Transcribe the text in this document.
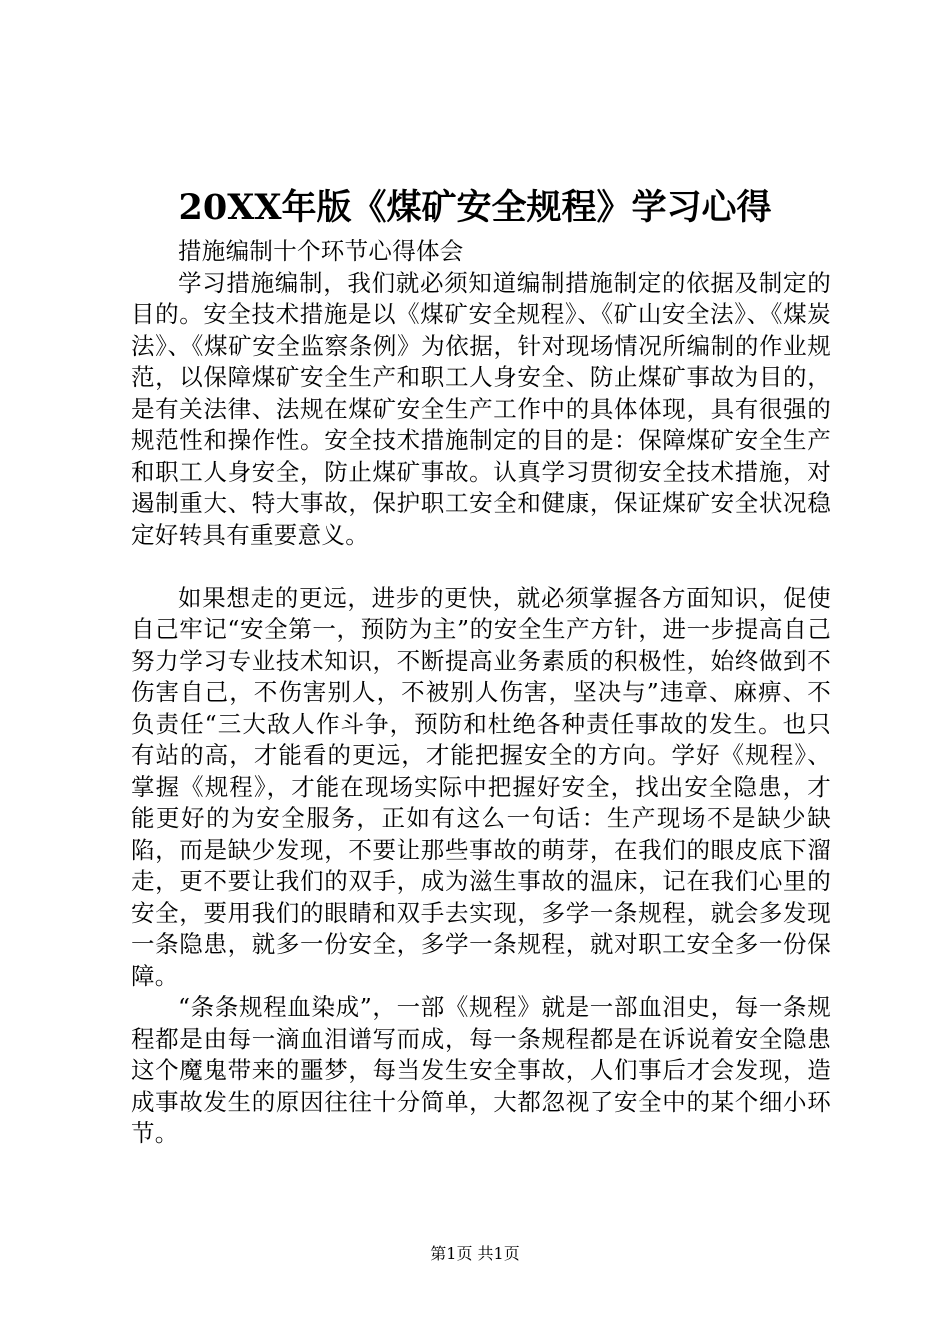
20XX年版《煤矿安全规程》学习心得

措施编制十个环节心得体会

学习措施编制，我们就必须知道编制措施制定的依据及制定的目的。安全技术措施是以《煤矿安全规程》、《矿山安全法》、《煤炭法》、《煤矿安全监察条例》为依据，针对现场情况所编制的作业规范，以保障煤矿安全生产和职工人身安全、防止煤矿事故为目的，是有关法律、法规在煤矿安全生产工作中的具体体现，具有很强的规范性和操作性。安全技术措施制定的目的是：保障煤矿安全生产和职工人身安全，防止煤矿事故。认真学习贯彻安全技术措施，对遏制重大、特大事故，保护职工安全和健康，保证煤矿安全状况稳定好转具有重要意义。

如果想走的更远，进步的更快，就必须掌握各方面知识，促使自己牢记“安全第一，预防为主”的安全生产方针，进一步提高自己努力学习专业技术知识，不断提高业务素质的积极性，始终做到不伤害自己，不伤害别人，不被别人伤害，坚决与”违章、麻痹、不负责任“三大敌人作斗争，预防和杜绝各种责任事故的发生。也只有站的高，才能看的更远，才能把握安全的方向。学好《规程》、掌握《规程》，才能在现场实际中把握好安全，找出安全隐患，才能更好的为安全服务，正如有这么一句话：生产现场不是缺少缺陷，而是缺少发现，不要让那些事故的萌芽，在我们的眼皮底下溜走，更不要让我们的双手，成为滋生事故的温床，记在我们心里的安全，要用我们的眼睛和双手去实现，多学一条规程，就会多发现一条隐患，就多一份安全，多学一条规程，就对职工安全多一份保障。

“条条规程血染成”，一部《规程》就是一部血泪史，每一条规程都是由每一滴血泪谱写而成，每一条规程都是在诉说着安全隐患这个魔鬼带来的噩梦，每当发生安全事故，人们事后才会发现，造成事故发生的原因往往十分简单，大都忽视了安全中的某个细小环节。

第1页 共1页
